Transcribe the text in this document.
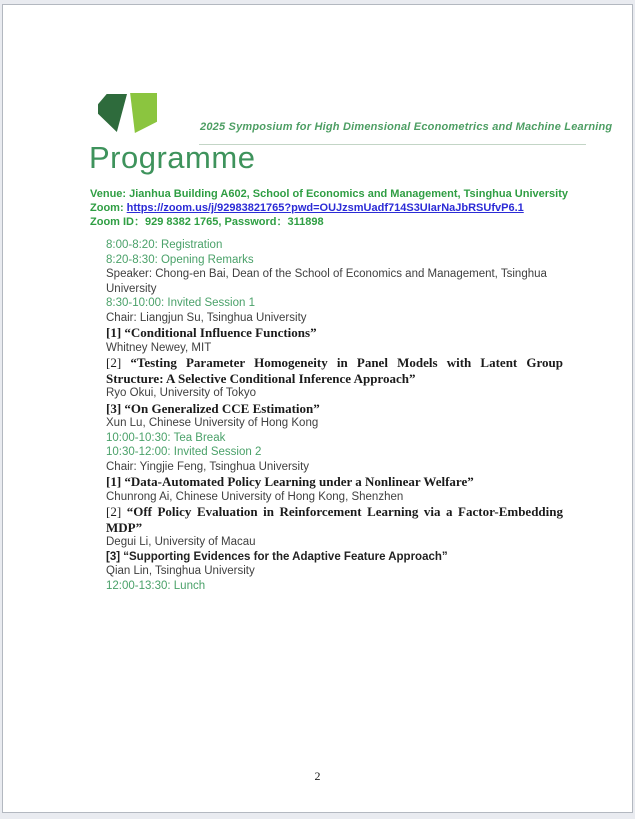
2025 Symposium for High Dimensional Econometrics and Machine Learning
Programme

Venue: Jianhua Building A602, School of Economics and Management, Tsinghua University

Zoom: https://zoom.us/j/92983821765?pwd=OUJzsmUadf714S3UIarNaJbRSUfvP6.1

Zoom ID：929 8382 1765, Password：311898

8:00-8:20: Registration

8:20-8:30: Opening Remarks

Speaker: Chong-en Bai, Dean of the School of Economics and Management, Tsinghua University

8:30-10:00: Invited Session 1

Chair: Liangjun Su, Tsinghua University

[1] “Conditional Influence Functions”

Whitney Newey, MIT

[2] “Testing Parameter Homogeneity in Panel Models with Latent Group Structure: A Selective Conditional Inference Approach”

Ryo Okui, University of Tokyo

[3] “On Generalized CCE Estimation”

Xun Lu, Chinese University of Hong Kong

10:00-10:30: Tea Break

10:30-12:00: Invited Session 2

Chair: Yingjie Feng, Tsinghua University

[1] “Data-Automated Policy Learning under a Nonlinear Welfare”

Chunrong Ai, Chinese University of Hong Kong, Shenzhen

[2] “Off Policy Evaluation in Reinforcement Learning via a Factor-Embedding MDP”

Degui Li, University of Macau

[3] “Supporting Evidences for the Adaptive Feature Approach”

Qian Lin, Tsinghua University

12:00-13:30: Lunch

2
